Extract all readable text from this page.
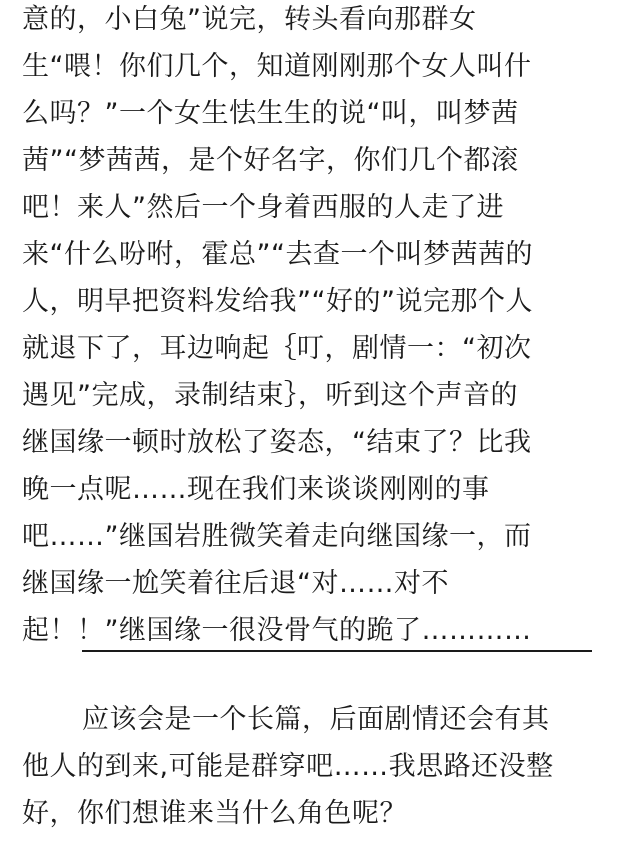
意的，小白兔”说完，转头看向那群女
生“喂！你们几个，知道刚刚那个女人叫什
么吗？”一个女生怯生生的说“叫，叫梦茜
茜”“梦茜茜，是个好名字，你们几个都滚
吧！来人”然后一个身着西服的人走了进
来“什么吩咐，霍总”“去查一个叫梦茜茜的
人，明早把资料发给我”“好的”说完那个人
就退下了，耳边响起｛叮，剧情一：“初次
遇见”完成，录制结束｝，听到这个声音的
继国缘一顿时放松了姿态，“结束了？比我
晚一点呢……现在我们来谈谈刚刚的事
吧……”继国岩胜微笑着走向继国缘一，而
继国缘一尬笑着往后退“对……对不
起！！”继国缘一很没骨气的跪了…………
应该会是一个长篇，后面剧情还会有其
他人的到来,可能是群穿吧……我思路还没整
好，你们想谁来当什么角色呢？
